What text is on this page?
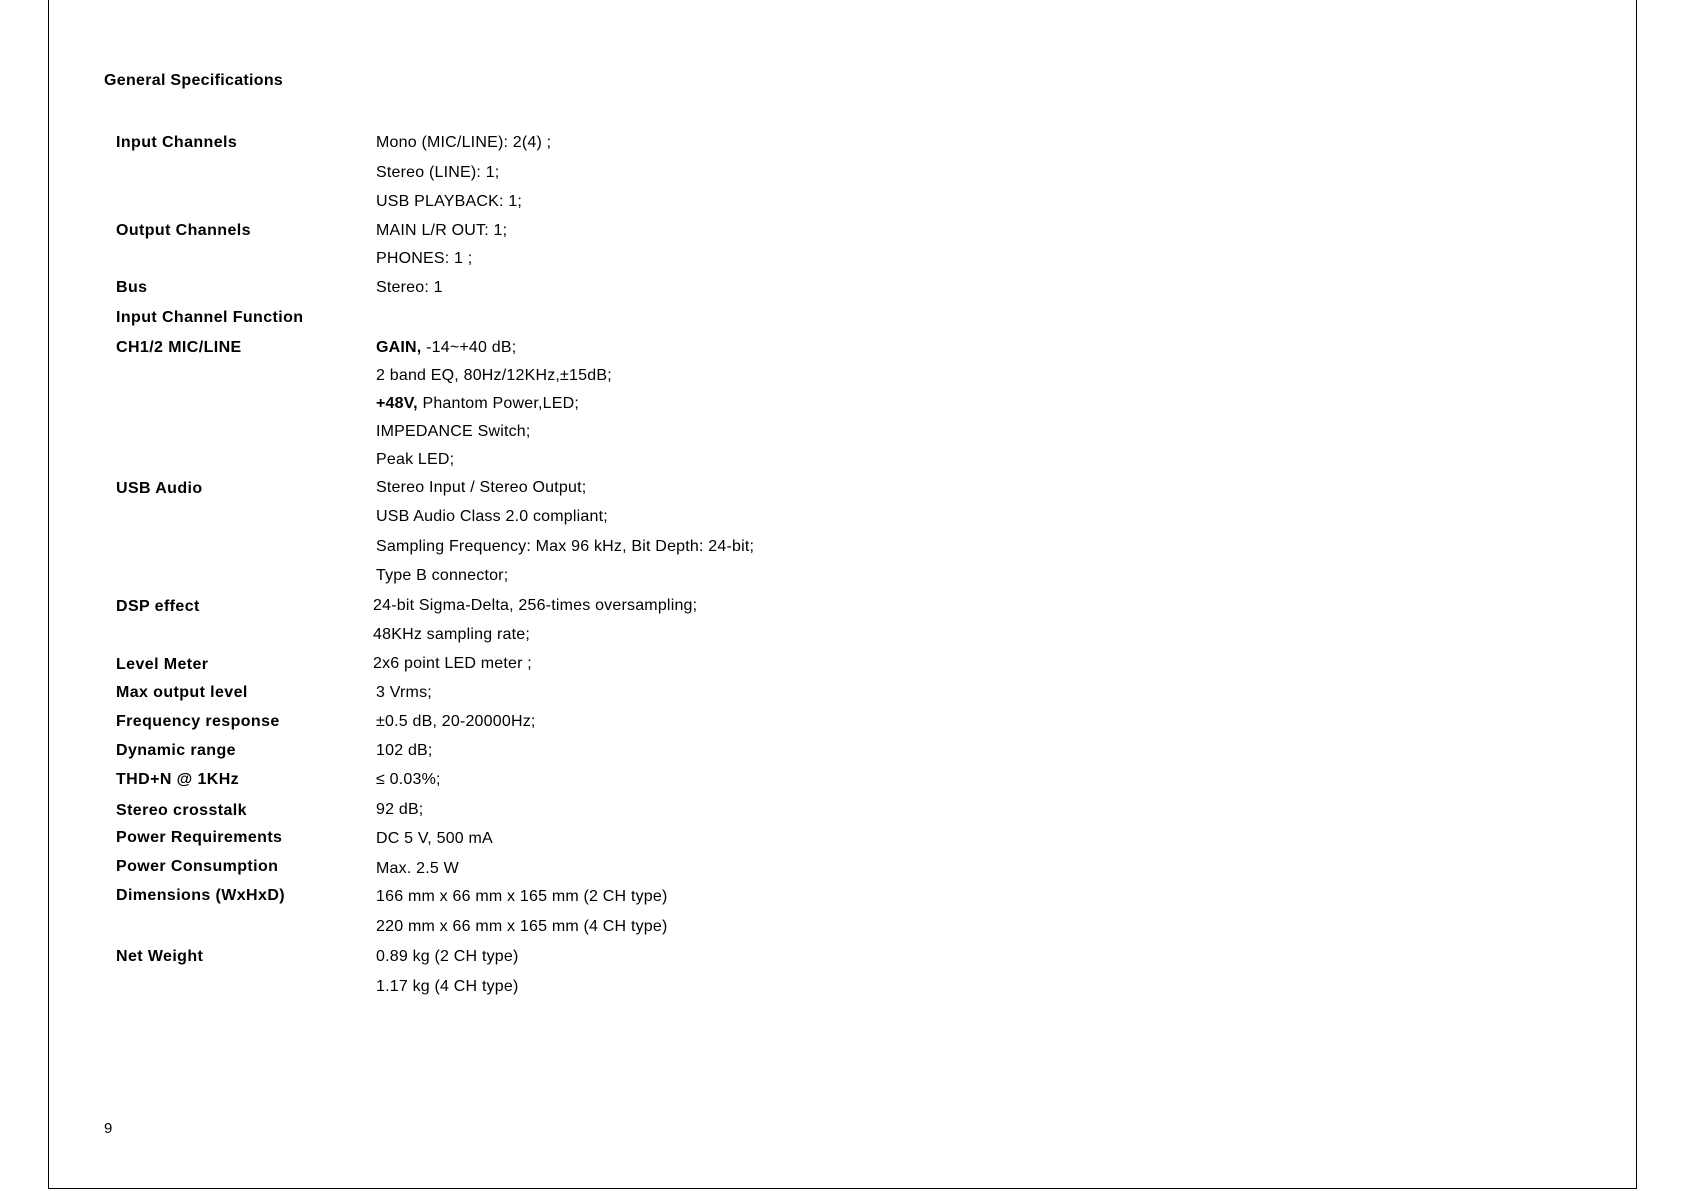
General Specifications
Input Channels	Mono (MIC/LINE): 2(4) ;
Stereo (LINE): 1;
USB PLAYBACK: 1;
Output Channels	MAIN L/R OUT: 1;
PHONES: 1 ;
Bus	Stereo: 1
Input Channel Function
CH1/2 MIC/LINE	GAIN, -14~+40 dB;
2 band EQ, 80Hz/12KHz,±15dB;
+48V, Phantom Power,LED;
IMPEDANCE Switch;
Peak LED;
USB Audio	Stereo Input / Stereo Output;
USB Audio Class 2.0 compliant;
Sampling Frequency: Max 96 kHz, Bit Depth: 24-bit;
Type B connector;
DSP effect	24-bit Sigma-Delta, 256-times oversampling;
48KHz sampling rate;
Level Meter	2x6 point LED meter ;
Max output level	3 Vrms;
Frequency response	±0.5 dB, 20-20000Hz;
Dynamic range	102 dB;
THD+N @ 1KHz	≤ 0.03%;
Stereo crosstalk	92 dB;
Power Requirements	DC 5 V, 500 mA
Power Consumption	Max. 2.5 W
Dimensions (WxHxD)	166 mm x 66 mm x 165 mm (2 CH type)
220 mm x 66 mm x 165 mm (4 CH type)
Net Weight	0.89 kg (2 CH type)
1.17 kg (4 CH type)
9
